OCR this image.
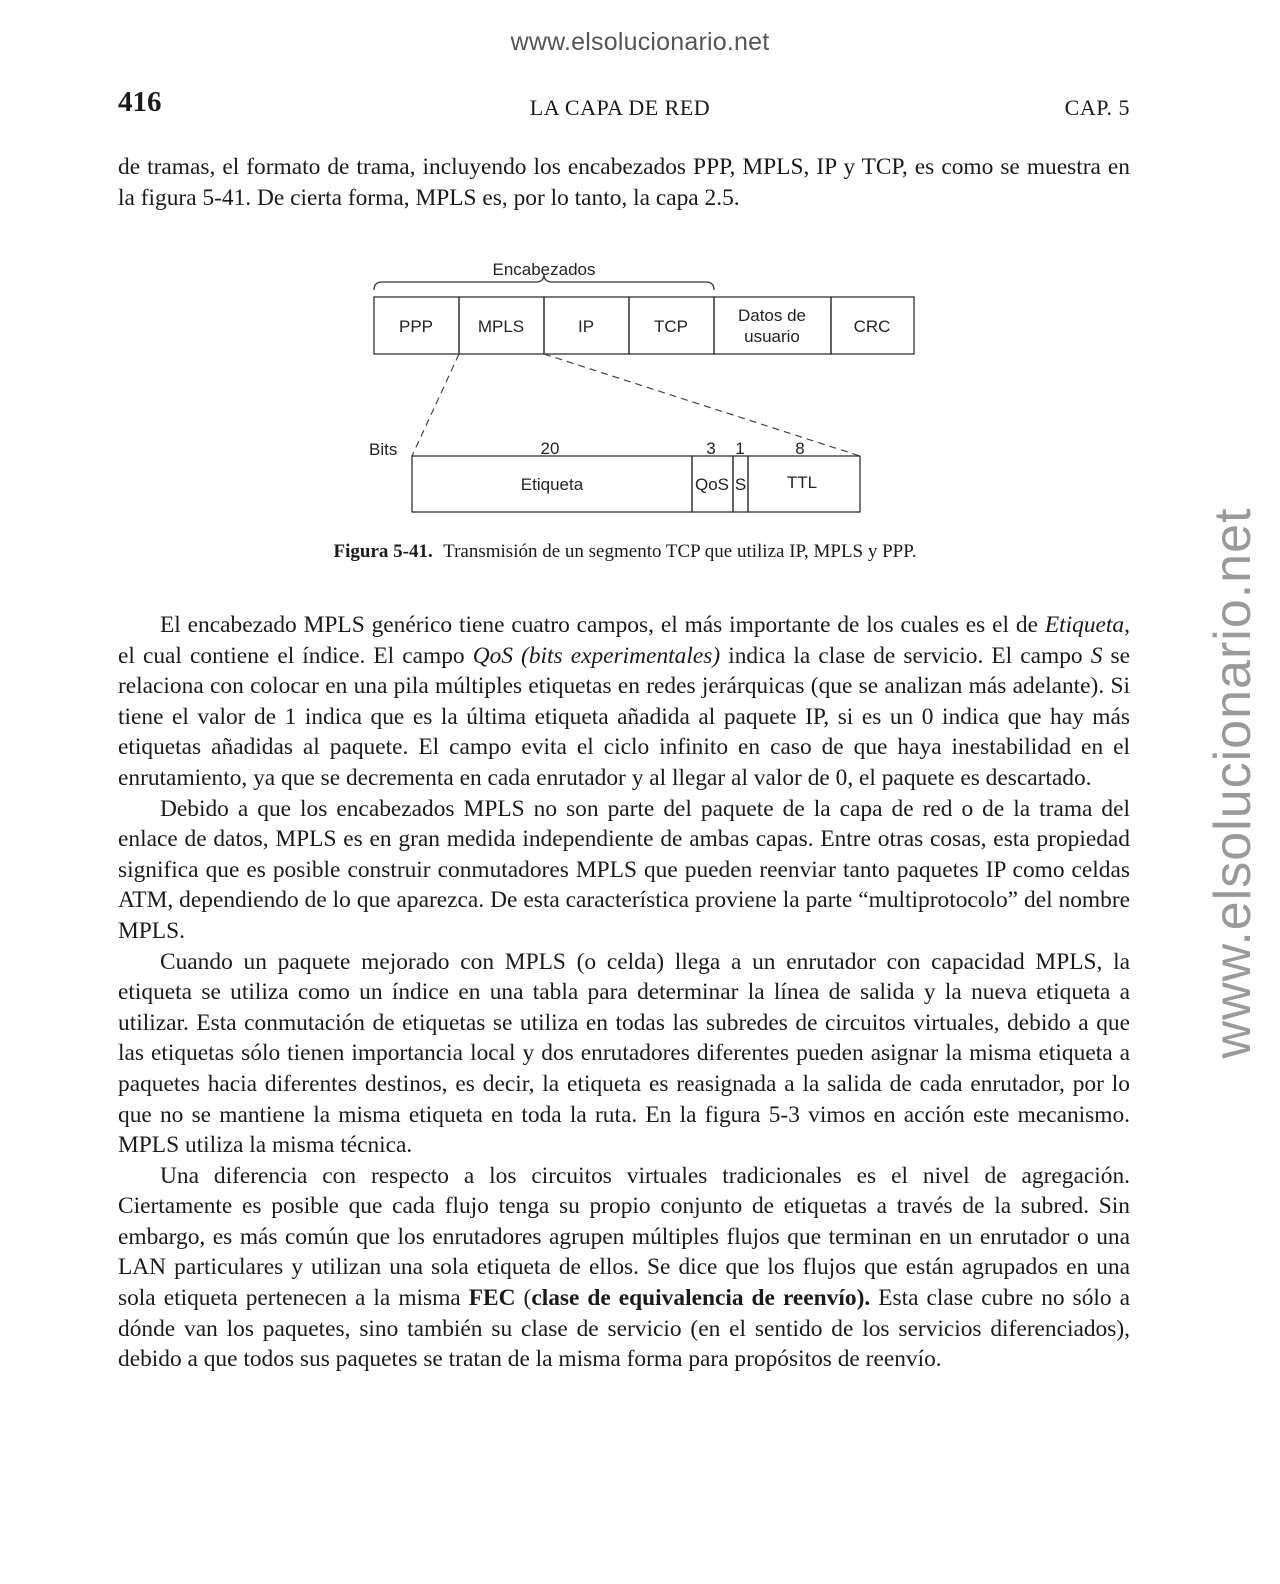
www.elsolucionario.net
www.elsolucionario.net
416	LA CAPA DE RED	CAP. 5

de tramas, el formato de trama, incluyendo los encabezados PPP, MPLS, IP y TCP, es como se muestra en la figura 5-41. De cierta forma, MPLS es, por lo tanto, la capa 2.5.

Encabezados
PPP	MPLS	IP	TCP
Datos de
usuario
CRC
Bits	20	3 1	8
Etiqueta	QoS S TTL
Figura 5-41. Transmisión de un segmento TCP que utiliza IP, MPLS y PPP.

El encabezado MPLS genérico tiene cuatro campos, el más importante de los cuales es el de Etiqueta, el cual contiene el índice. El campo QoS (bits experimentales) indica la clase de servicio. El campo S se relaciona con colocar en una pila múltiples etiquetas en redes jerárquicas (que se analizan más adelante). Si tiene el valor de 1 indica que es la última etiqueta añadida al paquete IP, si es un 0 indica que hay más etiquetas añadidas al paquete. El campo evita el ciclo infinito en caso de que haya inestabilidad en el enrutamiento, ya que se decrementa en cada enrutador y al llegar al valor de 0, el paquete es descartado.

Debido a que los encabezados MPLS no son parte del paquete de la capa de red o de la trama del enlace de datos, MPLS es en gran medida independiente de ambas capas. Entre otras cosas, esta propiedad significa que es posible construir conmutadores MPLS que pueden reenviar tanto paquetes IP como celdas ATM, dependiendo de lo que aparezca. De esta característica proviene la parte “multiprotocolo” del nombre MPLS.

Cuando un paquete mejorado con MPLS (o celda) llega a un enrutador con capacidad MPLS, la etiqueta se utiliza como un índice en una tabla para determinar la línea de salida y la nueva etiqueta a utilizar. Esta conmutación de etiquetas se utiliza en todas las subredes de circuitos virtuales, debido a que las etiquetas sólo tienen importancia local y dos enrutadores diferentes pueden asignar la misma etiqueta a paquetes hacia diferentes destinos, es decir, la etiqueta es reasignada a la salida de cada enrutador, por lo que no se mantiene la misma etiqueta en toda la ruta. En la figura 5-3 vimos en acción este mecanismo. MPLS utiliza la misma técnica.

Una diferencia con respecto a los circuitos virtuales tradicionales es el nivel de agregación. Ciertamente es posible que cada flujo tenga su propio conjunto de etiquetas a través de la subred. Sin embargo, es más común que los enrutadores agrupen múltiples flujos que terminan en un enrutador o una LAN particulares y utilizan una sola etiqueta de ellos. Se dice que los flujos que están agrupados en una sola etiqueta pertenecen a la misma FEC (clase de equivalencia de reenvío). Esta clase cubre no sólo a dónde van los paquetes, sino también su clase de servicio (en el sentido de los servicios diferenciados), debido a que todos sus paquetes se tratan de la misma forma para propósitos de reenvío.
